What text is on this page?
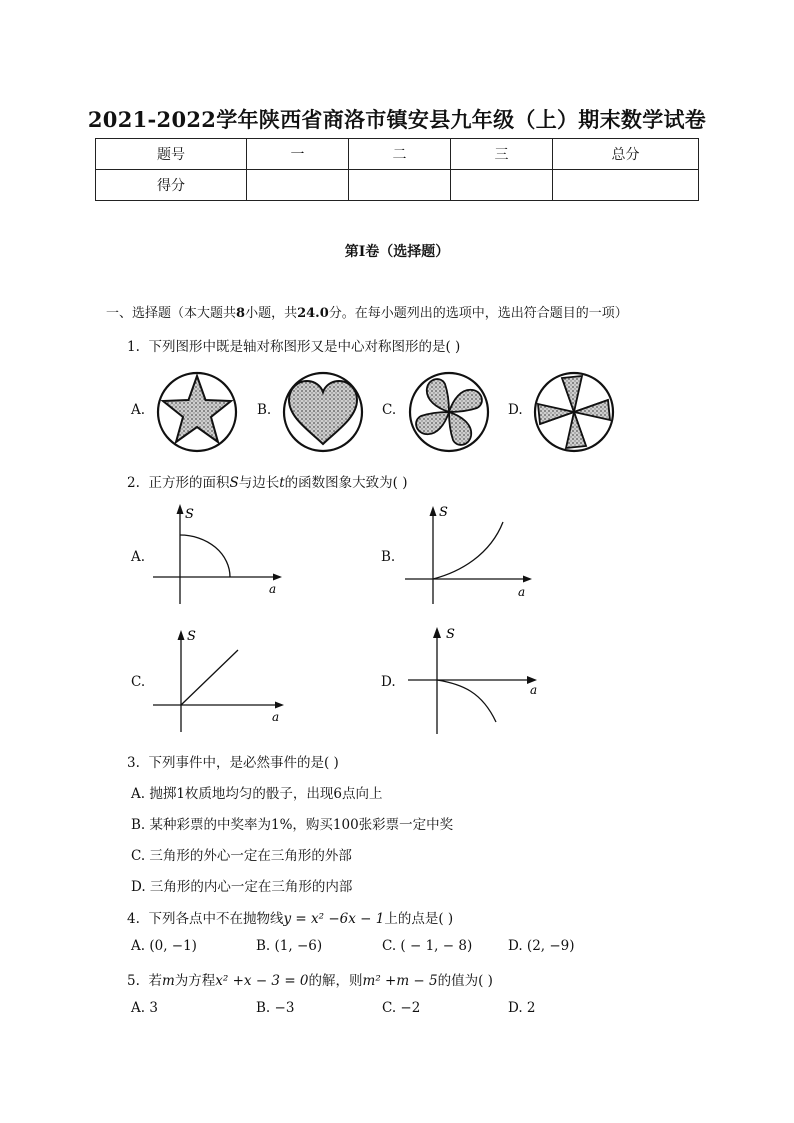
2021-2022学年陕西省商洛市镇安县九年级（上）期末数学试卷
题号	一	二	三	总分
得分				
第I卷（选择题）
一、选择题（本大题共8小题，共24.0分。在每小题列出的选项中，选出符合题目的一项）
1. 下列图形中既是轴对称图形又是中心对称图形的是( )
A.	B.	C.	D.
2. 正方形的面积S与边长t的函数图象大致为( )
A.
S
a
B.
S
a
C.
S
a
D.
S
a
3. 下列事件中，是必然事件的是( )
A. 抛掷1枚质地均匀的骰子，出现6点向上
B. 某种彩票的中奖率为1%，购买100张彩票一定中奖
C. 三角形的外心一定在三角形的外部
D. 三角形的内心一定在三角形的内部
4. 下列各点中不在抛物线y = x² −6x − 1上的点是( )
A. (0, −1)	B. (1, −6)	C. ( − 1, − 8)	D. (2, −9)
5. 若m为方程x² +x − 3 = 0的解，则m² +m − 5的值为( )
A. 3	B. −3	C. −2	D. 2
